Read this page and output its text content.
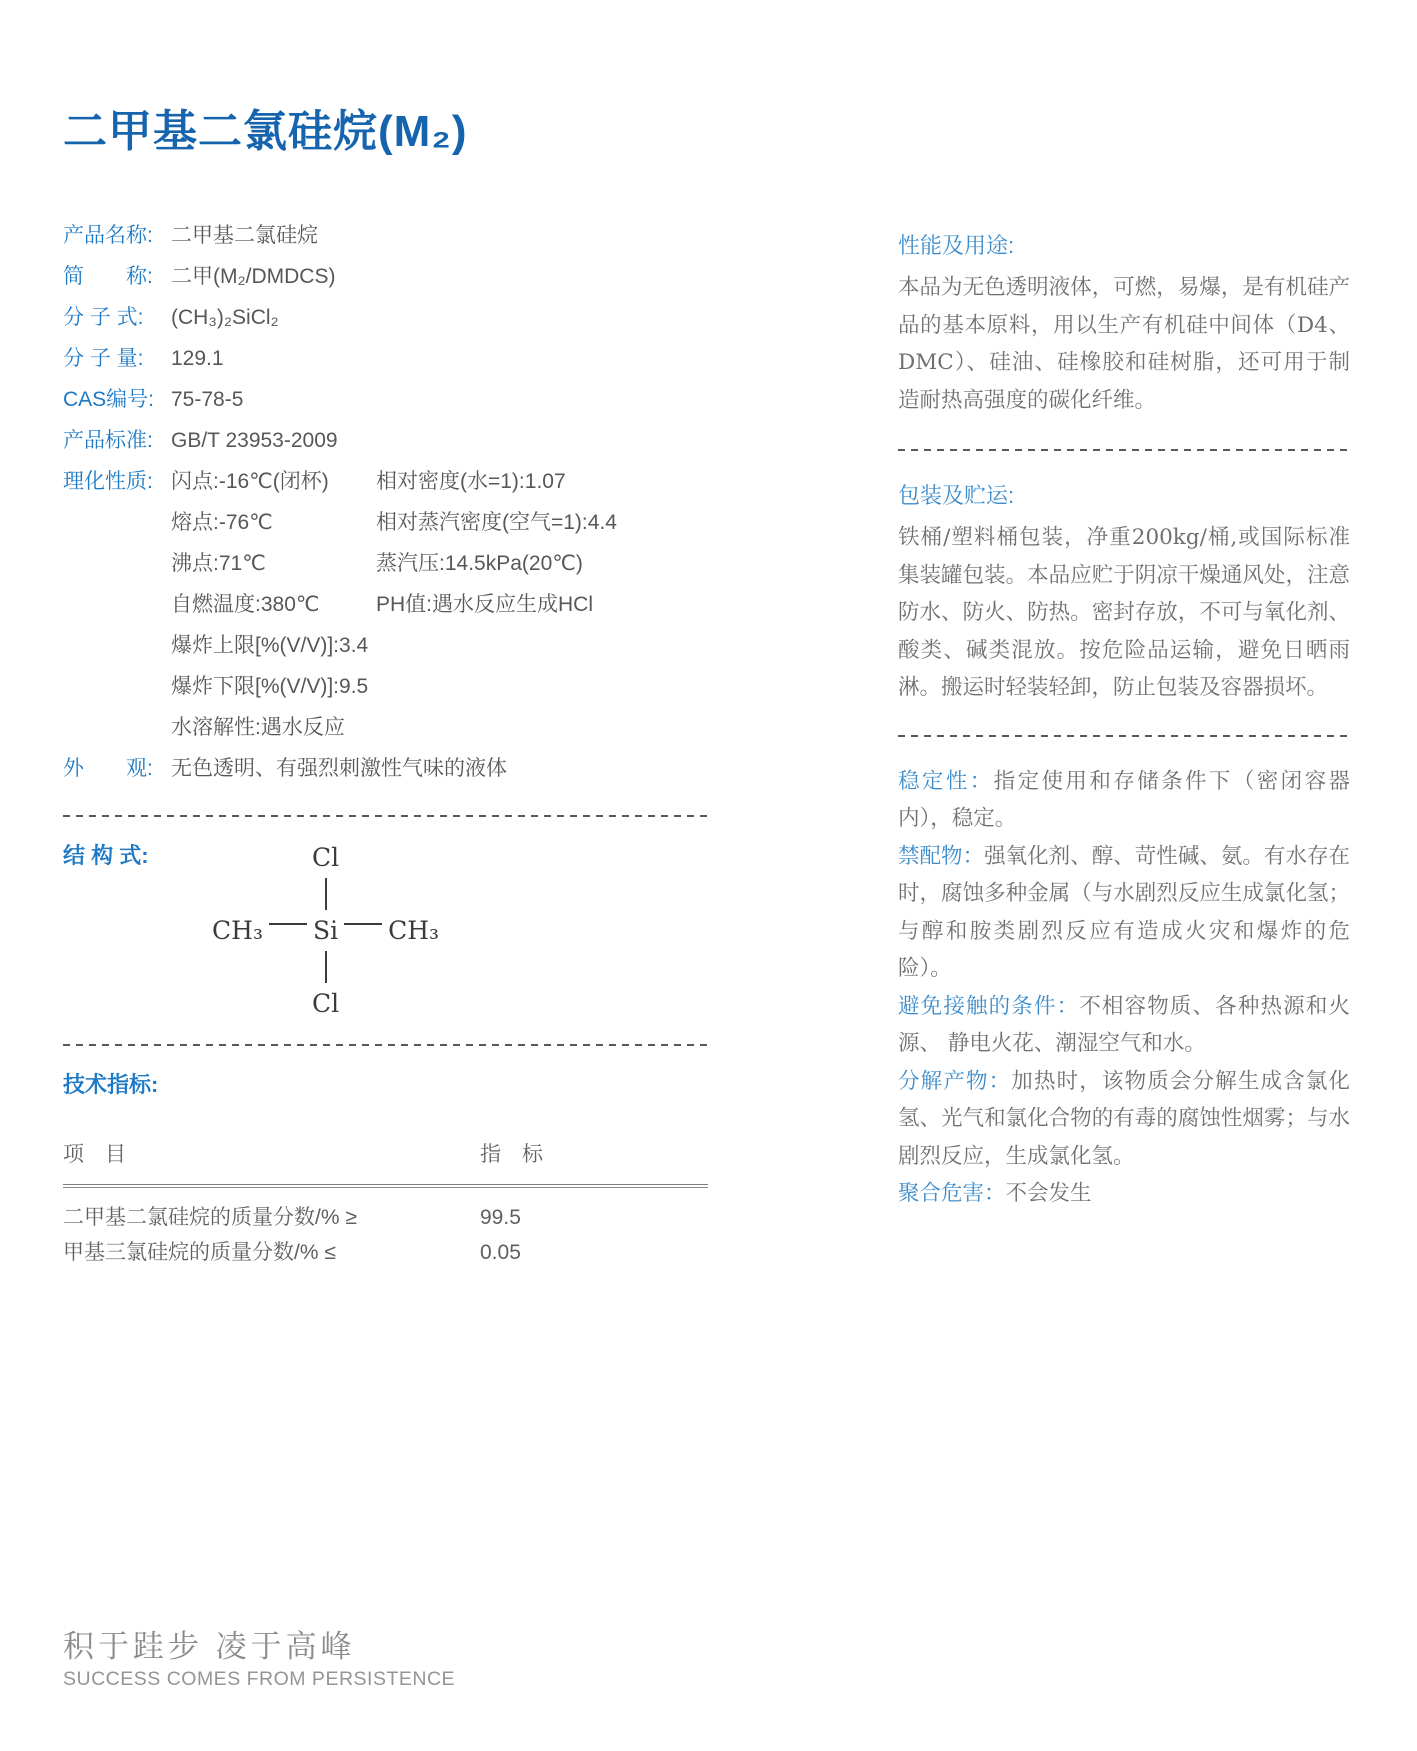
二甲基二氯硅烷(M₂)
产品名称: 二甲基二氯硅烷
简　　称: 二甲(M₂/DMDCS)
分 子 式:	(CH₃)₂SiCl₂
分 子 量:	129.1
CAS编号: 75-78-5
产品标准: GB/T 23953-2009
理化性质: 闪点:-16℃(闭杯)	相对密度(水=1):1.07
熔点:-76℃	相对蒸汽密度(空气=1):4.4
沸点:71℃	蒸汽压:14.5kPa(20℃)
自燃温度:380℃	PH值:遇水反应生成HCl
爆炸上限[%(V/V)]:3.4
爆炸下限[%(V/V)]:9.5
水溶解性:遇水反应
外　　观: 无色透明、有强烈刺激性气味的液体
结 构 式:	Cl
CH₃ Si CH₃
Cl
技术指标:
项　目	指　标
二甲基二氯硅烷的质量分数/% ≥	99.5
甲基三氯硅烷的质量分数/% ≤	0.05
性能及用途:

本品为无色透明液体，可燃，易爆，是有机硅产品的基本原料，用以生产有机硅中间体（D4、DMC）、硅油、硅橡胶和硅树脂，还可用于制造耐热高强度的碳化纤维。

包装及贮运:

铁桶/塑料桶包装，净重200kg/桶,或国际标准集装罐包装。本品应贮于阴凉干燥通风处，注意防水、防火、防热。密封存放，不可与氧化剂、酸类、碱类混放。按危险品运输，避免日晒雨淋。搬运时轻装轻卸，防止包装及容器损坏。

稳定性：指定使用和存储条件下（密闭容器内），稳定。

禁配物：强氧化剂、醇、苛性碱、氨。有水存在时，腐蚀多种金属（与水剧烈反应生成氯化氢；与醇和胺类剧烈反应有造成火灾和爆炸的危险）。

避免接触的条件：不相容物质、各种热源和火源、 静电火花、潮湿空气和水。

分解产物：加热时，该物质会分解生成含氯化氢、光气和氯化合物的有毒的腐蚀性烟雾；与水剧烈反应，生成氯化氢。

聚合危害：不会发生

积于跬步 凌于高峰
SUCCESS COMES FROM PERSISTENCE
